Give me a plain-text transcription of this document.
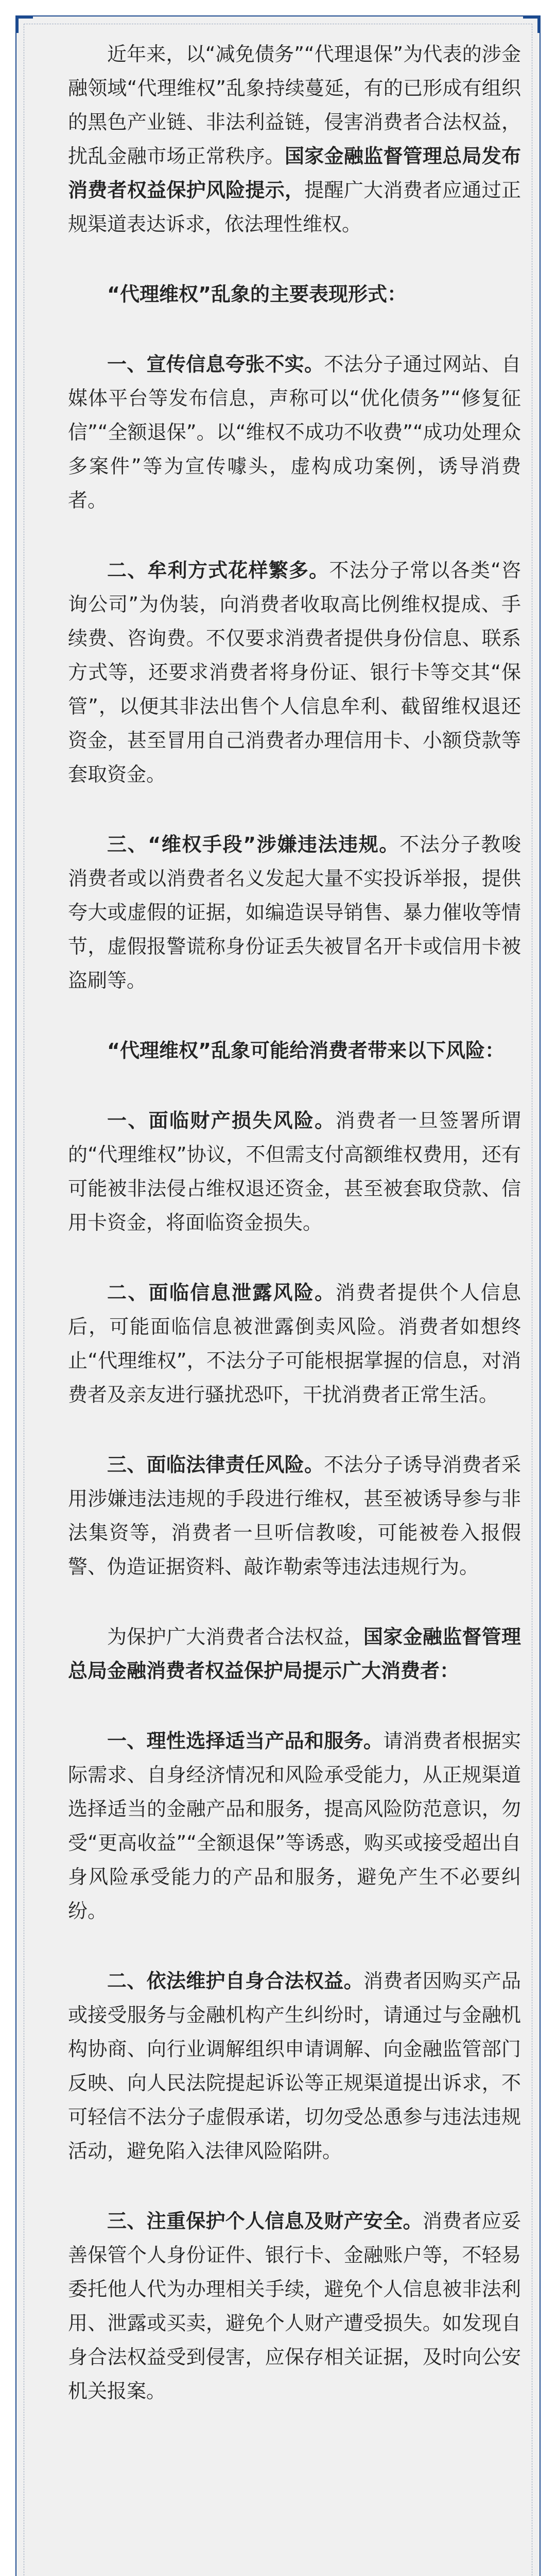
近年来，以“减免债务”“代理退保”为代表的涉金融领域“代理维权”乱象持续蔓延，有的已形成有组织的黑色产业链、非法利益链，侵害消费者合法权益，扰乱金融市场正常秩序。国家金融监督管理总局发布消费者权益保护风险提示，提醒广大消费者应通过正规渠道表达诉求，依法理性维权。

“代理维权”乱象的主要表现形式：

一、宣传信息夸张不实。不法分子通过网站、自媒体平台等发布信息，声称可以“优化债务”“修复征信”“全额退保”。以“维权不成功不收费”“成功处理众多案件”等为宣传噱头，虚构成功案例，诱导消费者。

二、牟利方式花样繁多。不法分子常以各类“咨询公司”为伪装，向消费者收取高比例维权提成、手续费、咨询费。不仅要求消费者提供身份信息、联系方式等，还要求消费者将身份证、银行卡等交其“保管”，以便其非法出售个人信息牟利、截留维权退还资金，甚至冒用自己消费者办理信用卡、小额贷款等套取资金。

三、“维权手段”涉嫌违法违规。不法分子教唆消费者或以消费者名义发起大量不实投诉举报，提供夸大或虚假的证据，如编造误导销售、暴力催收等情节，虚假报警谎称身份证丢失被冒名开卡或信用卡被盗刷等。

“代理维权”乱象可能给消费者带来以下风险：

一、面临财产损失风险。消费者一旦签署所谓的“代理维权”协议，不但需支付高额维权费用，还有可能被非法侵占维权退还资金，甚至被套取贷款、信用卡资金，将面临资金损失。

二、面临信息泄露风险。消费者提供个人信息后，可能面临信息被泄露倒卖风险。消费者如想终止“代理维权”，不法分子可能根据掌握的信息，对消费者及亲友进行骚扰恐吓，干扰消费者正常生活。

三、面临法律责任风险。不法分子诱导消费者采用涉嫌违法违规的手段进行维权，甚至被诱导参与非法集资等，消费者一旦听信教唆，可能被卷入报假警、伪造证据资料、敲诈勒索等违法违规行为。

为保护广大消费者合法权益，国家金融监督管理总局金融消费者权益保护局提示广大消费者：

一、理性选择适当产品和服务。请消费者根据实际需求、自身经济情况和风险承受能力，从正规渠道选择适当的金融产品和服务，提高风险防范意识，勿受“更高收益”“全额退保”等诱惑，购买或接受超出自身风险承受能力的产品和服务，避免产生不必要纠纷。

二、依法维护自身合法权益。消费者因购买产品或接受服务与金融机构产生纠纷时，请通过与金融机构协商、向行业调解组织申请调解、向金融监管部门反映、向人民法院提起诉讼等正规渠道提出诉求，不可轻信不法分子虚假承诺，切勿受怂恿参与违法违规活动，避免陷入法律风险陷阱。

三、注重保护个人信息及财产安全。消费者应妥善保管个人身份证件、银行卡、金融账户等，不轻易委托他人代为办理相关手续，避免个人信息被非法利用、泄露或买卖，避免个人财产遭受损失。如发现自身合法权益受到侵害，应保存相关证据，及时向公安机关报案。
